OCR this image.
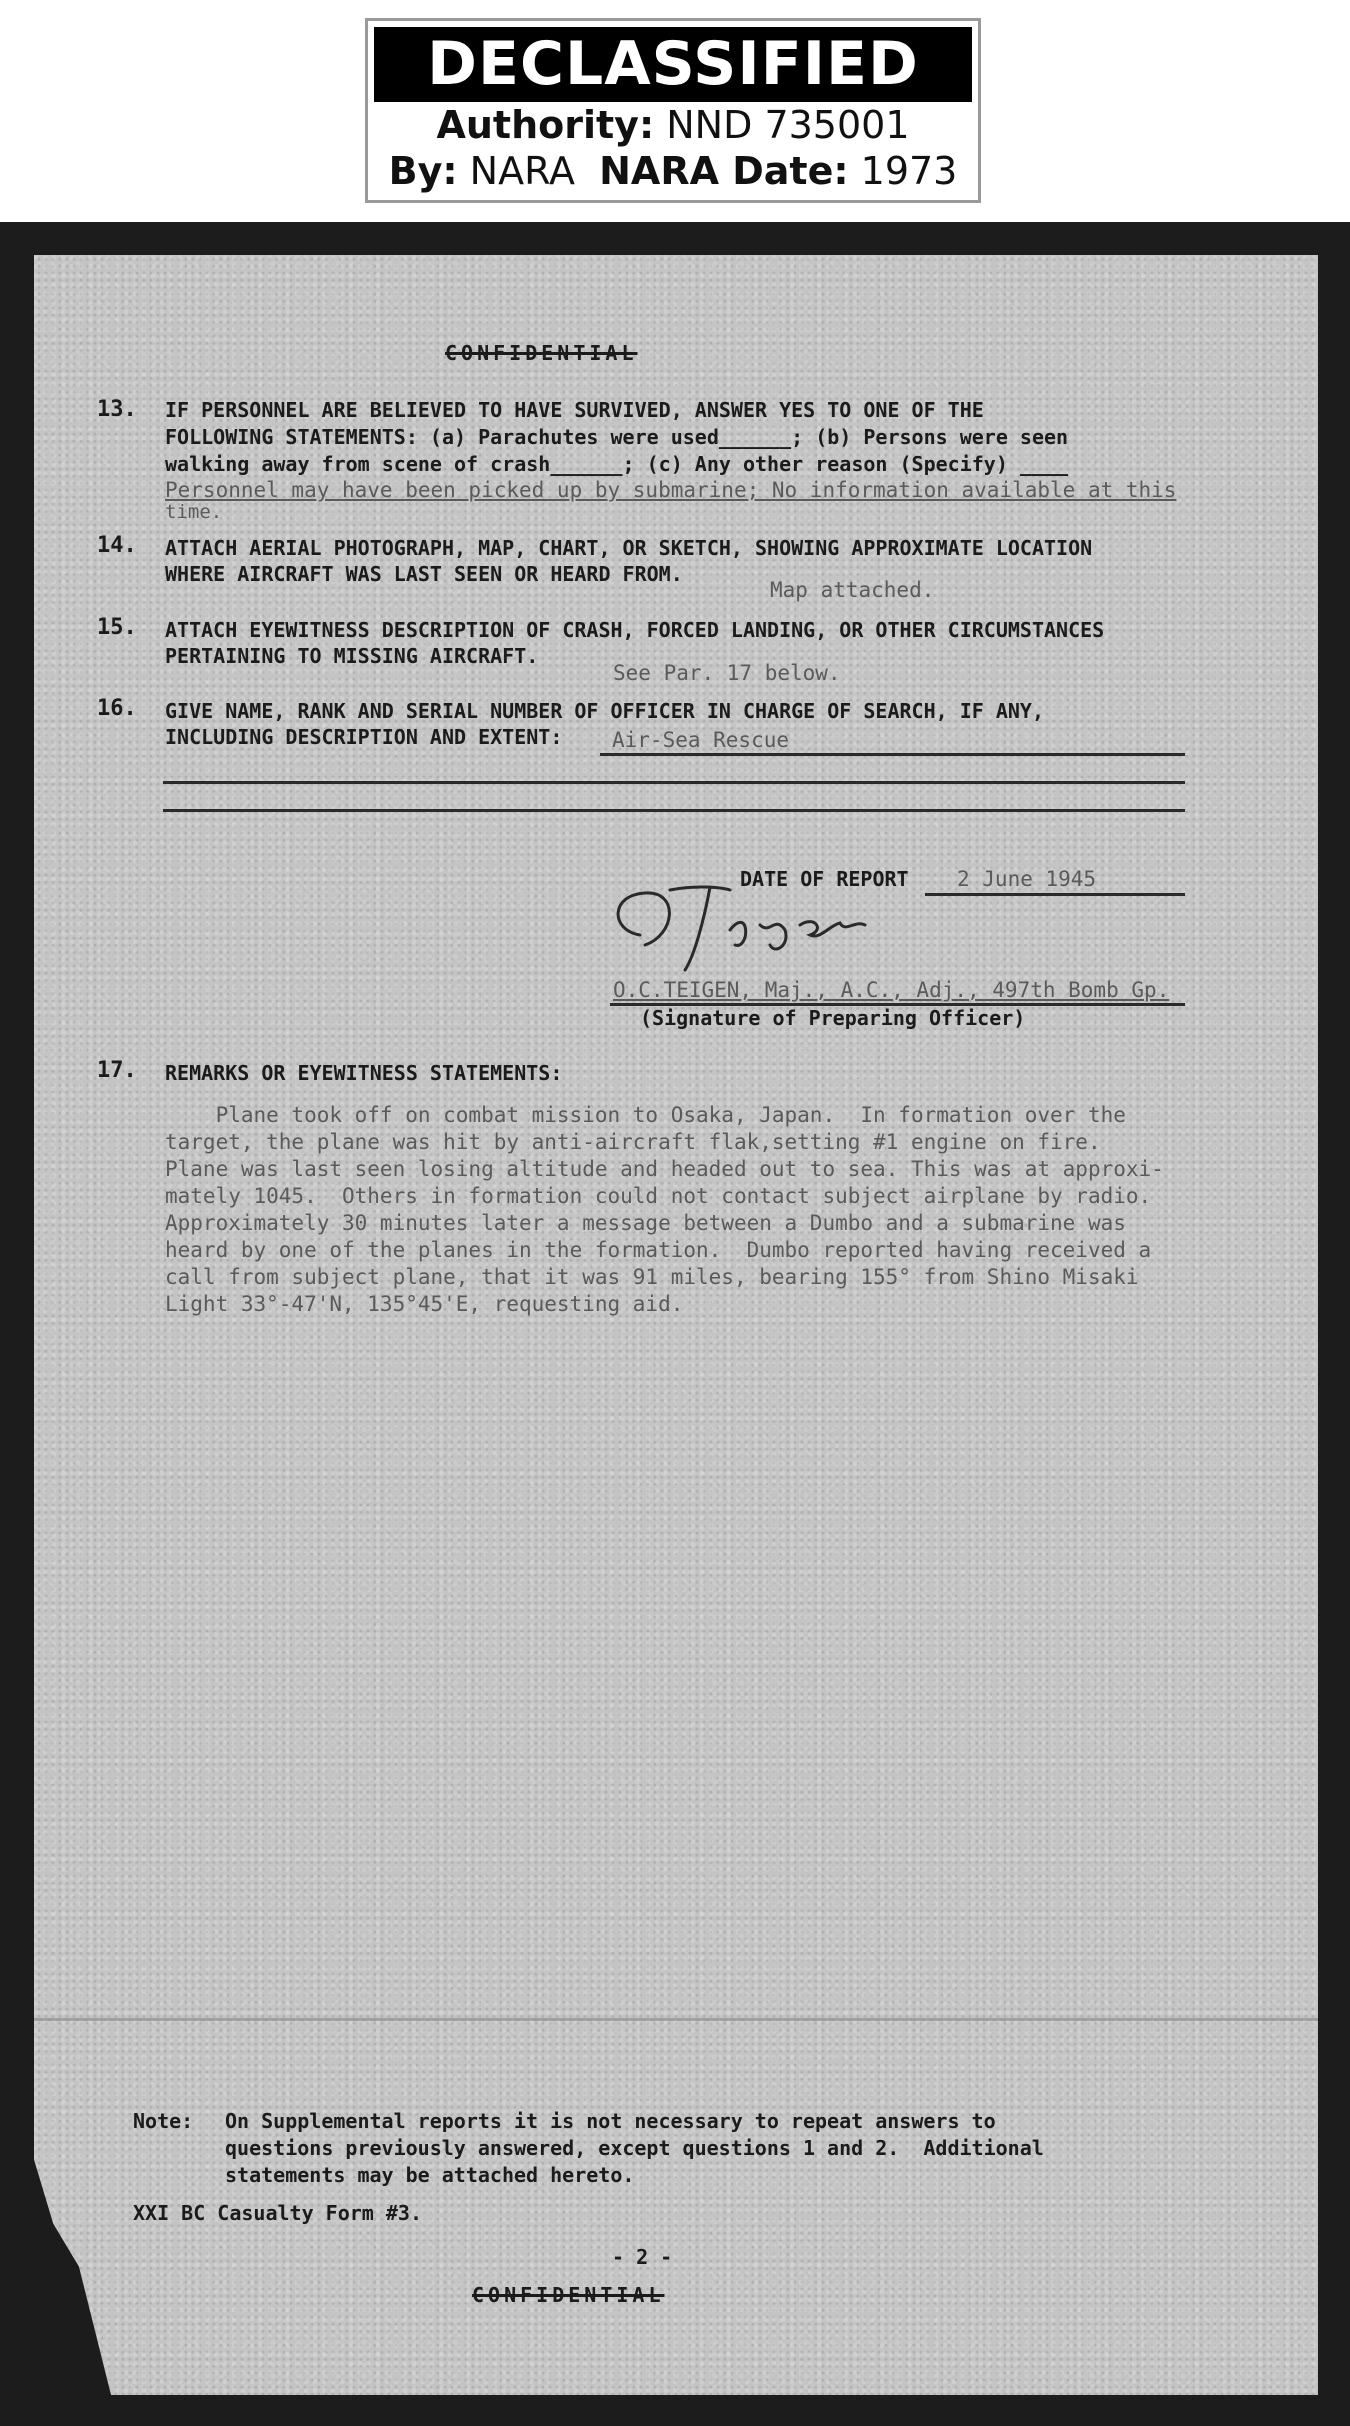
DECLASSIFIED
Authority: NND 735001
By: NARA NARA Date: 1973
CONFIDENTIAL
13. IF PERSONNEL ARE BELIEVED TO HAVE SURVIVED, ANSWER YES TO ONE OF THE
FOLLOWING STATEMENTS: (a) Parachutes were used______; (b) Persons were seen
walking away from scene of crash______; (c) Any other reason (Specify) ____
Personnel may have been picked up by submarine; No information available at this
time.
14. ATTACH AERIAL PHOTOGRAPH, MAP, CHART, OR SKETCH, SHOWING APPROXIMATE LOCATION
WHERE AIRCRAFT WAS LAST SEEN OR HEARD FROM.
Map attached.
15. ATTACH EYEWITNESS DESCRIPTION OF CRASH, FORCED LANDING, OR OTHER CIRCUMSTANCES
PERTAINING TO MISSING AIRCRAFT.
See Par. 17 below.
16. GIVE NAME, RANK AND SERIAL NUMBER OF OFFICER IN CHARGE OF SEARCH, IF ANY,
INCLUDING DESCRIPTION AND EXTENT: Air-Sea Rescue
DATE OF REPORT 2 June 1945
O.C.TEIGEN, Maj., A.C., Adj., 497th Bomb Gp.
(Signature of Preparing Officer)
17. REMARKS OR EYEWITNESS STATEMENTS:
Plane took off on combat mission to Osaka, Japan.  In formation over the
target, the plane was hit by anti-aircraft flak,setting #1 engine on fire.
Plane was last seen losing altitude and headed out to sea. This was at approxi-
mately 1045.  Others in formation could not contact subject airplane by radio.
Approximately 30 minutes later a message between a Dumbo and a submarine was
heard by one of the planes in the formation.  Dumbo reported having received a
call from subject plane, that it was 91 miles, bearing 155° from Shino Misaki
Light 33°-47'N, 135°45'E, requesting aid.
Note: On Supplemental reports it is not necessary to repeat answers to
questions previously answered, except questions 1 and 2.  Additional
statements may be attached hereto.
XXI BC Casualty Form #3.
- 2 -
CONFIDENTIAL
